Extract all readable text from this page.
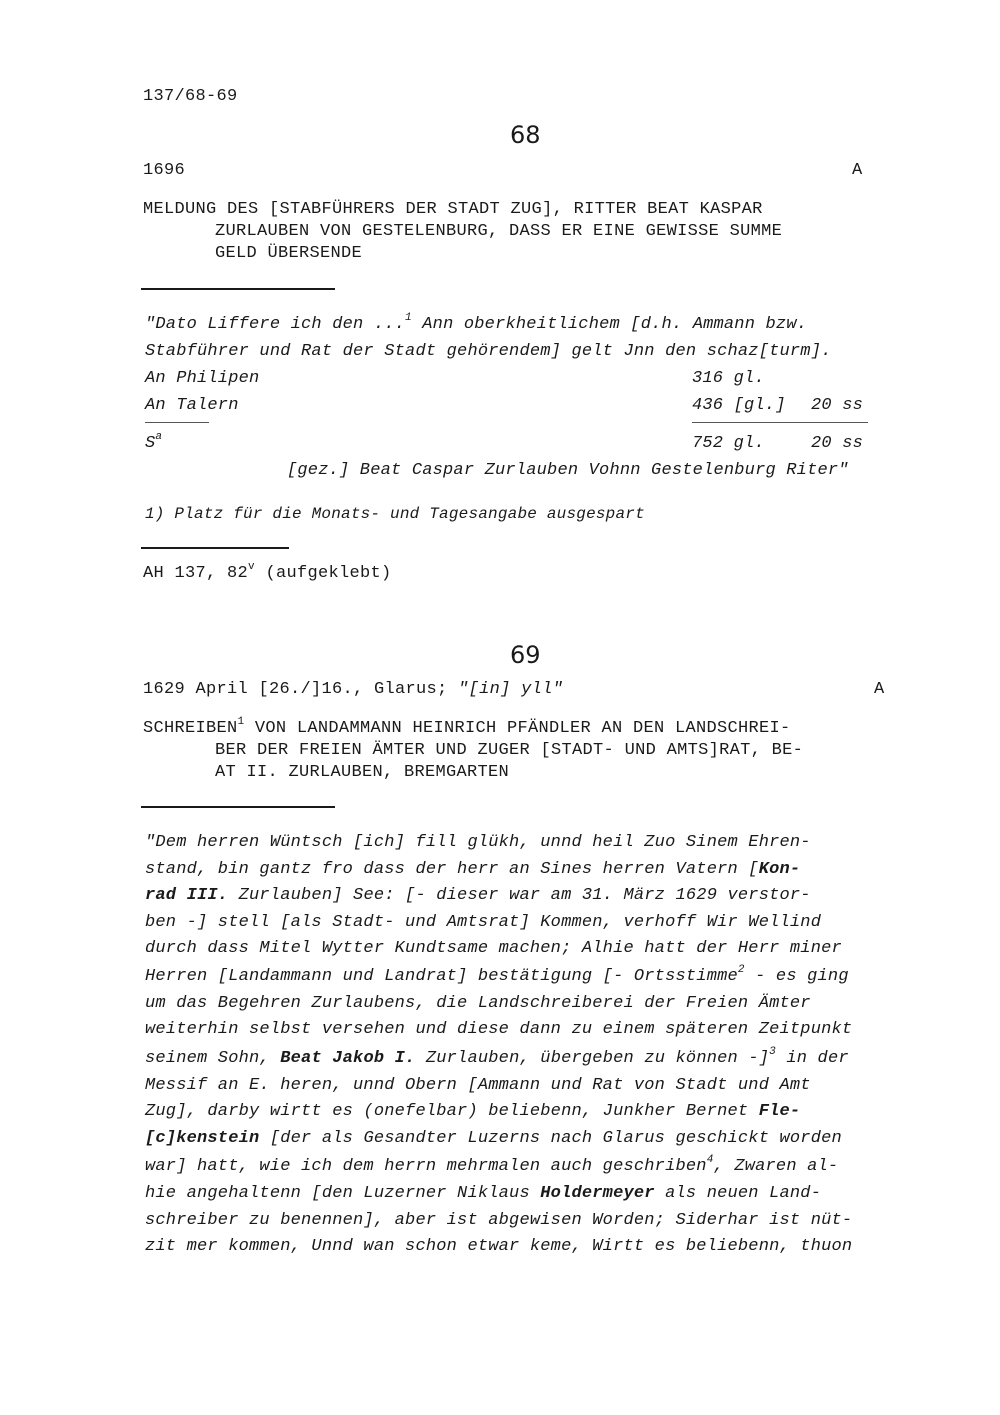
137/68-69
68
1696	A
MELDUNG DES [STABFÜHRERS DER STADT ZUG], RITTER BEAT KASPAR
ZURLAUBEN VON GESTELENBURG, DASS ER EINE GEWISSE SUMME
GELD ÜBERSENDE
"Dato Liffere ich den ...$^1$ Ann oberkheitlichem [d.h. Ammann bzw.
Stabführer und Rat der Stadt gehörendem] gelt Jnn den schaz[turm].
An Philipen	316 gl.
An Talern	436 [gl.] 20 ss
$S^a$	752 gl.	20 ss
[gez.] Beat Caspar Zurlauben Vohnn Gestelenburg Riter"
1) Platz für die Monats- und Tagesangabe ausgespart
AH 137, 82$^v$ (aufgeklebt)
69
1629 April [26./]16., Glarus; "[in] yll"	A
SCHREIBEN$^1$ VON LANDAMMANN HEINRICH PFÄNDLER AN DEN LANDSCHREI-
BER DER FREIEN ÄMTER UND ZUGER [STADT- UND AMTS]RAT, BE-
AT II. ZURLAUBEN, BREMGARTEN
"Dem herren Wüntsch [ich] fill glükh, unnd heil Zuo Sinem Ehren-
stand, bin gantz fro dass der herr an Sines herren Vatern [Kon-
rad III. Zurlauben] See: [- dieser war am 31. März 1629 verstor-
ben -] stell [als Stadt- und Amtsrat] Kommen, verhoff Wir Wellind
durch dass Mitel Wytter Kundtsame machen; Alhie hatt der Herr miner
Herren [Landammann und Landrat] bestätigung [- Ortsstimme$^2$ - es ging
um das Begehren Zurlaubens, die Landschreiberei der Freien Ämter
weiterhin selbst versehen und diese dann zu einem späteren Zeitpunkt
seinem Sohn, Beat Jakob I. Zurlauben, übergeben zu können -]$^3$ in der
Messif an E. heren, unnd Obern [Ammann und Rat von Stadt und Amt
Zug], darby wirtt es (onefelbar) beliebenn, Junkher Bernet Fle-
[c]kenstein [der als Gesandter Luzerns nach Glarus geschickt worden
war] hatt, wie ich dem herrn mehrmalen auch geschriben$^4$, Zwaren al-
hie angehaltenn [den Luzerner Niklaus Holdermeyer als neuen Land-
schreiber zu benennen], aber ist abgewisen Worden; Siderhar ist nüt-
zit mer kommen, Unnd wan schon etwar keme, Wirtt es beliebenn, thuon
